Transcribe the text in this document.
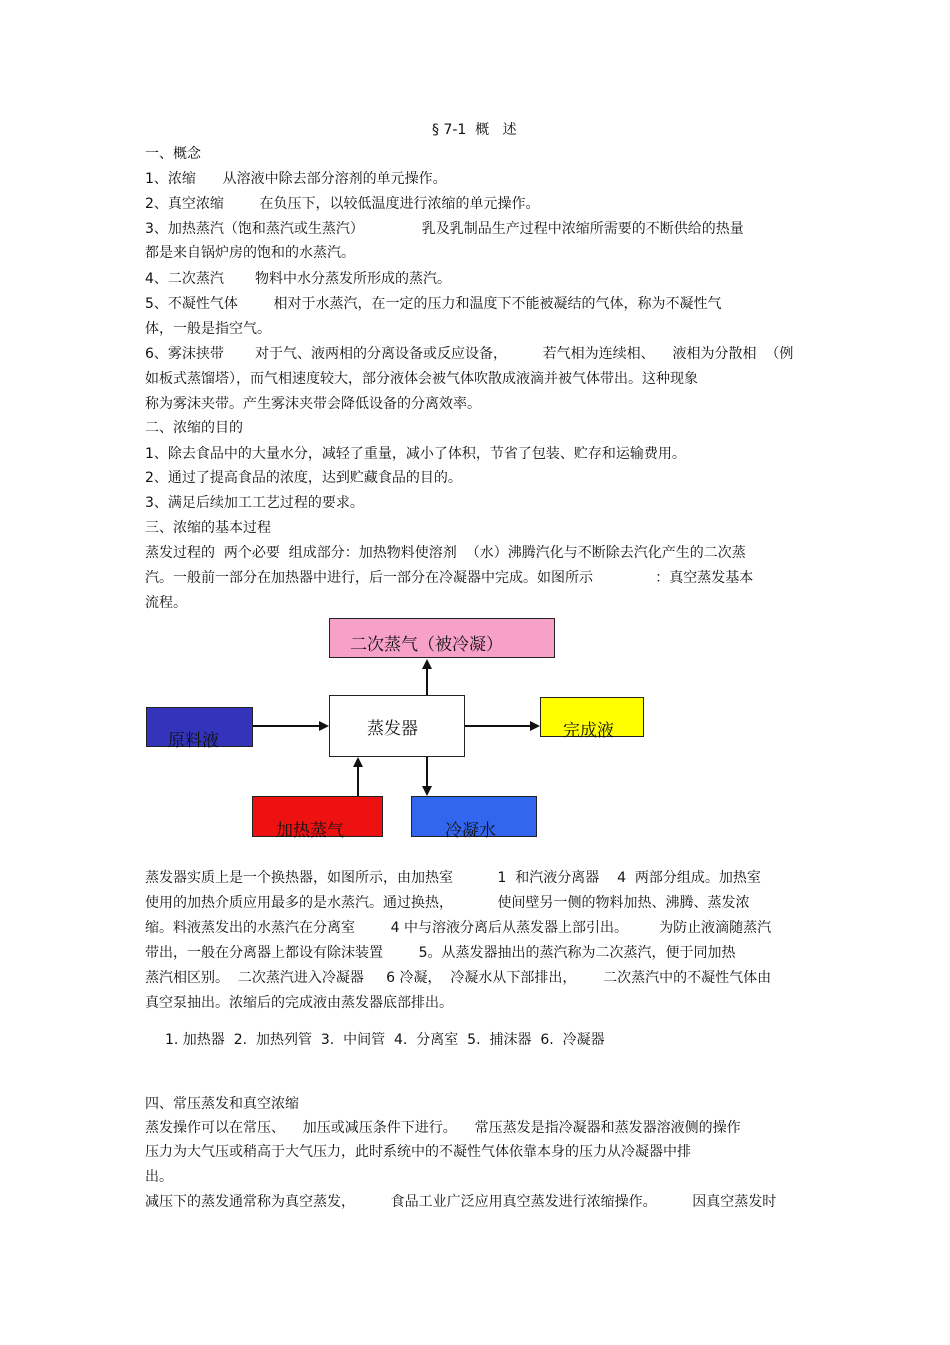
§ 7-1  概   述

一、概念

1、浓缩      从溶液中除去部分溶剂的单元操作。

2、真空浓缩        在负压下，以较低温度进行浓缩的单元操作。

3、加热蒸汽（饱和蒸汽或生蒸汽）             乳及乳制品生产过程中浓缩所需要的不断供给的热量

都是来自锅炉房的饱和的水蒸汽。

4、二次蒸汽       物料中水分蒸发所形成的蒸汽。

5、不凝性气体        相对于水蒸汽，在一定的压力和温度下不能被凝结的气体，称为不凝性气

体，一般是指空气。

6、雾沫挟带       对于气、液两相的分离设备或反应设备，        若气相为连续相、    液相为分散相  （例

如板式蒸馏塔），而气相速度较大，部分液体会被气体吹散成液滴并被气体带出。这种现象

称为雾沫夹带。产生雾沫夹带会降低设备的分离效率。

二、浓缩的目的

1、除去食品中的大量水分，减轻了重量，减小了体积，节省了包装、贮存和运输费用。

2、通过了提高食品的浓度，达到贮藏食品的目的。

3、满足后续加工工艺过程的要求。

三、浓缩的基本过程

蒸发过程的  两个必要  组成部分：加热物料使溶剂  （水）沸腾汽化与不断除去汽化产生的二次蒸

汽。一般前一部分在加热器中进行，后一部分在冷凝器中完成。如图所示              ：真空蒸发基本

流程。

二次蒸气（被冷凝）
蒸发器
原料液	完成液
加热蒸气	冷凝水

蒸发器实质上是一个换热器，如图所示，由加热室          1  和汽液分离器    4  两部分组成。加热室

使用的加热介质应用最多的是水蒸汽。通过换热，          使间壁另一侧的物料加热、沸腾、蒸发浓

缩。料液蒸发出的水蒸汽在分离室        4 中与溶液分离后从蒸发器上部引出。       为防止液滴随蒸汽

带出，一般在分离器上都设有除沫装置        5。从蒸发器抽出的蒸汽称为二次蒸汽，便于同加热

蒸汽相区别。  二次蒸汽进入冷凝器     6 冷凝，  冷凝水从下部排出，      二次蒸汽中的不凝性气体由

真空泵抽出。浓缩后的完成液由蒸发器底部排出。

1. 加热器  2.  加热列管  3.  中间管  4.  分离室  5.  捕沫器  6.  冷凝器

四、常压蒸发和真空浓缩

蒸发操作可以在常压、    加压或减压条件下进行。    常压蒸发是指冷凝器和蒸发器溶液侧的操作

压力为大气压或稍高于大气压力，此时系统中的不凝性气体依靠本身的压力从冷凝器中排

出。

减压下的蒸发通常称为真空蒸发，        食品工业广泛应用真空蒸发进行浓缩操作。        因真空蒸发时
